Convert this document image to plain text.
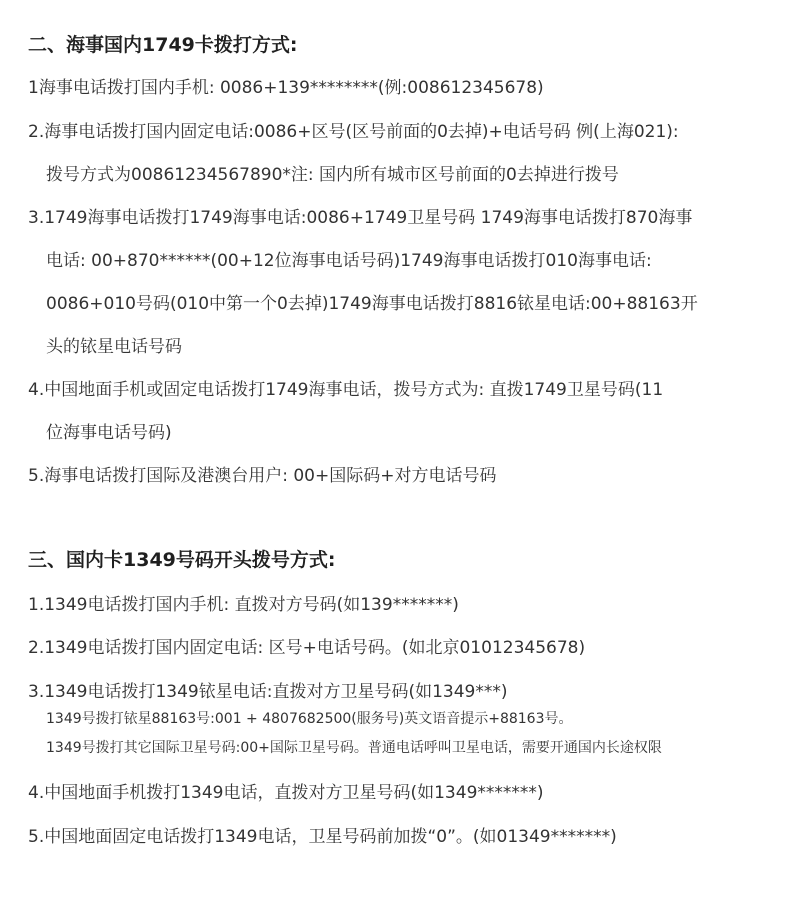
二、海事国内1749卡拨打方式:
1海事电话拨打国内手机: 0086+139********(例:008612345678)
2.海事电话拨打国内固定电话:0086+区号(区号前面的0去掉)+电话号码 例(上海021):
拨号方式为00861234567890*注: 国内所有城市区号前面的0去掉进行拨号
3.1749海事电话拨打1749海事电话:0086+1749卫星号码 1749海事电话拨打870海事
电话: 00+870******(00+12位海事电话号码)1749海事电话拨打010海事电话:
0086+010号码(010中第一个0去掉)1749海事电话拨打8816铱星电话:00+88163开
头的铱星电话号码
4.中国地面手机或固定电话拨打1749海事电话，拨号方式为: 直拨1749卫星号码(11
位海事电话号码)
5.海事电话拨打国际及港澳台用户: 00+国际码+对方电话号码
三、国内卡1349号码开头拨号方式:
1.1349电话拨打国内手机: 直拨对方号码(如139*******)
2.1349电话拨打国内固定电话: 区号+电话号码。(如北京01012345678)
3.1349电话拨打1349铱星电话:直拨对方卫星号码(如1349***)
1349号拨打铱星88163号:001 + 4807682500(服务号)英文语音提示+88163号。
1349号拨打其它国际卫星号码:00+国际卫星号码。普通电话呼叫卫星电话，需要开通国内长途权限
4.中国地面手机拨打1349电话，直拨对方卫星号码(如1349*******)
5.中国地面固定电话拨打1349电话，卫星号码前加拨“0”。(如01349*******)
